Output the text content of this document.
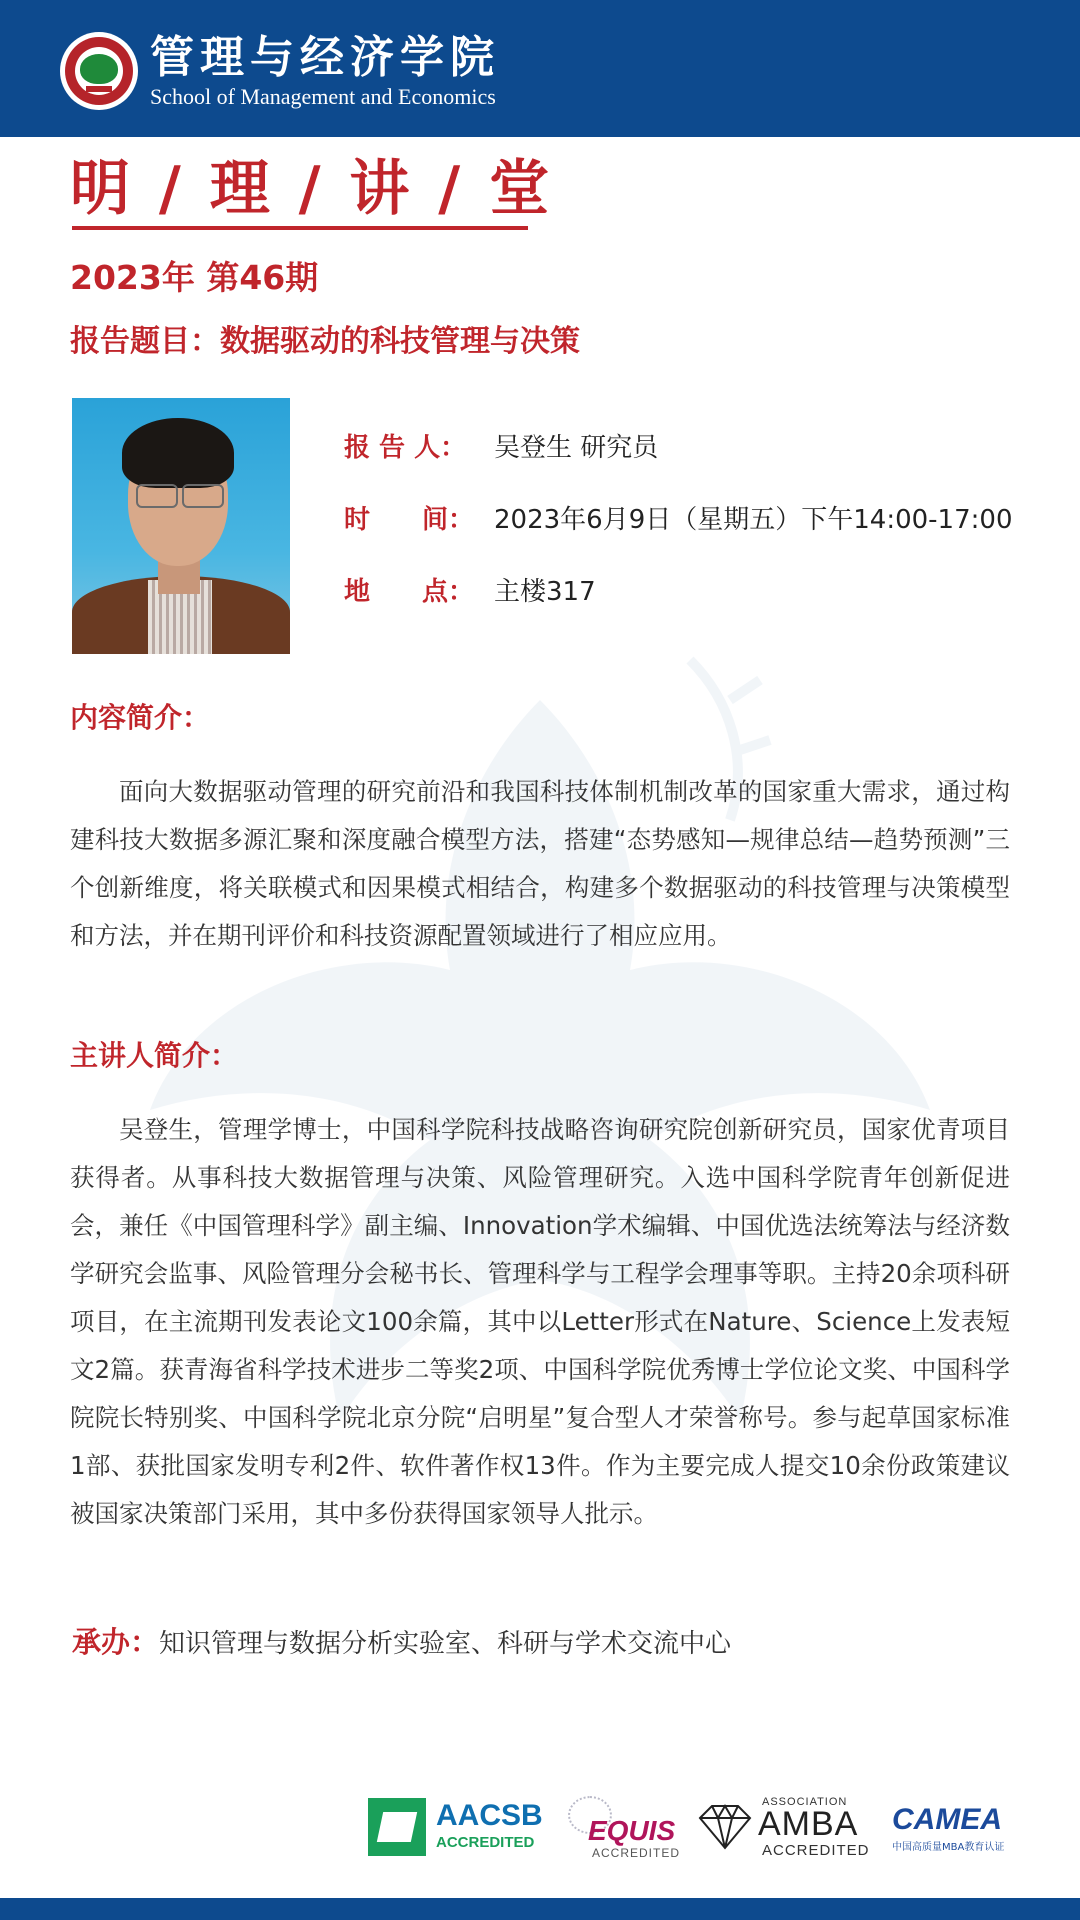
管理与经济学院
School of Management and Economics
明 / 理 / 讲 / 堂
2023年 第46期
报告题目：数据驱动的科技管理与决策
报 告 人： 吴登生 研究员
时　　间： 2023年6月9日（星期五）下午14:00-17:00
地　　点： 主楼317
内容简介：
面向大数据驱动管理的研究前沿和我国科技体制机制改革的国家重大需求，通过构建科技大数据多源汇聚和深度融合模型方法，搭建“态势感知—规律总结—趋势预测”三个创新维度，将关联模式和因果模式相结合，构建多个数据驱动的科技管理与决策模型和方法，并在期刊评价和科技资源配置领域进行了相应应用。
主讲人简介：
吴登生，管理学博士，中国科学院科技战略咨询研究院创新研究员，国家优青项目获得者。从事科技大数据管理与决策、风险管理研究。入选中国科学院青年创新促进会，兼任《中国管理科学》副主编、Innovation学术编辑、中国优选法统筹法与经济数学研究会监事、风险管理分会秘书长、管理科学与工程学会理事等职。主持20余项科研项目，在主流期刊发表论文100余篇，其中以Letter形式在Nature、Science上发表短文2篇。获青海省科学技术进步二等奖2项、中国科学院优秀博士学位论文奖、中国科学院院长特别奖、中国科学院北京分院“启明星”复合型人才荣誉称号。参与起草国家标准1部、获批国家发明专利2件、软件著作权13件。作为主要完成人提交10余份政策建议被国家决策部门采用，其中多份获得国家领导人批示。
承办：知识管理与数据分析实验室、科研与学术交流中心
AACSB
ACCREDITED EQUIS
ACCREDITED
ASSOCIATION
AMBA
ACCREDITED
CAMEA
中国高质量MBA教育认证
